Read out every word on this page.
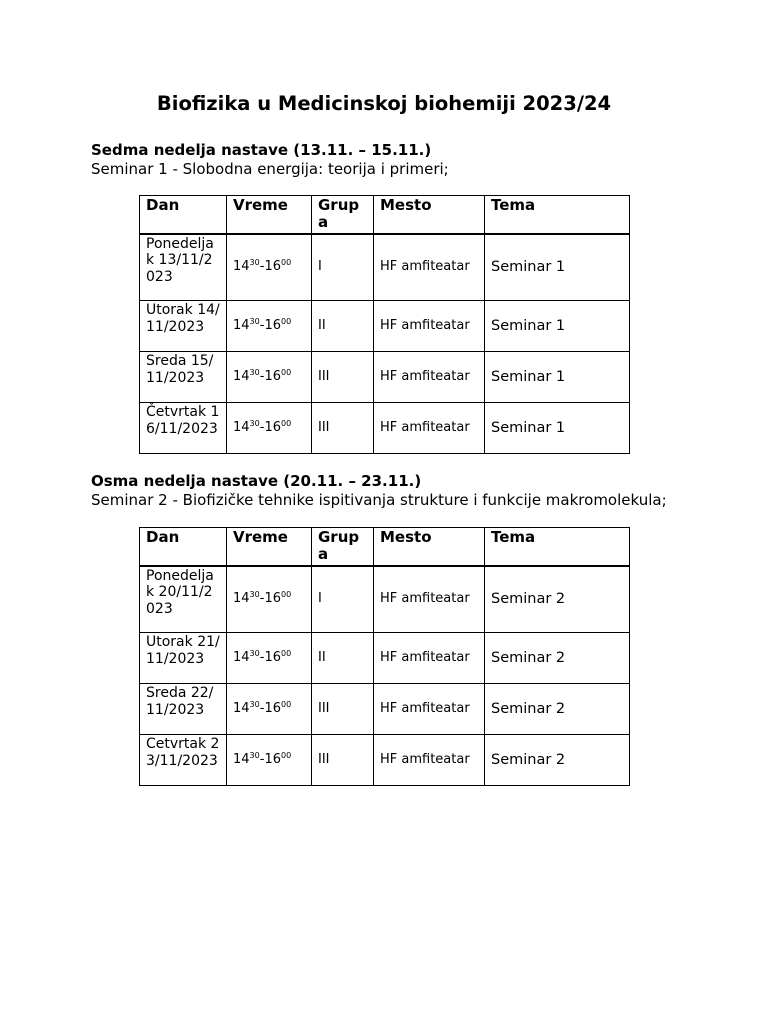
Biofizika u Medicinskoj biohemiji 2023/24

Sedma nedelja nastave (13.11. – 15.11.)

Seminar 1 - Slobodna energija: teorija i primeri;

Dan	Vreme	Grup a	Mesto	Tema
Ponedeljak 13/11/2023	$14^{30}-16^{00}$	I	HF amfiteatar	Seminar 1
Utorak 14/11/2023	$14^{30}-16^{00}$	II	HF amfiteatar	Seminar 1
Sreda 15/11/2023	$14^{30}-16^{00}$	III	HF amfiteatar	Seminar 1
Četvrtak 16/11/2023	$14^{30}-16^{00}$	III	HF amfiteatar	Seminar 1

Osma nedelja nastave (20.11. – 23.11.)

Seminar 2 - Biofizičke tehnike ispitivanja strukture i funkcije makromolekula;

Dan	Vreme	Grup a	Mesto	Tema
Ponedeljak 20/11/2023	$14^{30}-16^{00}$	I	HF amfiteatar	Seminar 2
Utorak 21/11/2023	$14^{30}-16^{00}$	II	HF amfiteatar	Seminar 2
Sreda 22/11/2023	$14^{30}-16^{00}$	III	HF amfiteatar	Seminar 2
Cetvrtak 23/11/2023	$14^{30}-16^{00}$	III	HF amfiteatar	Seminar 2
